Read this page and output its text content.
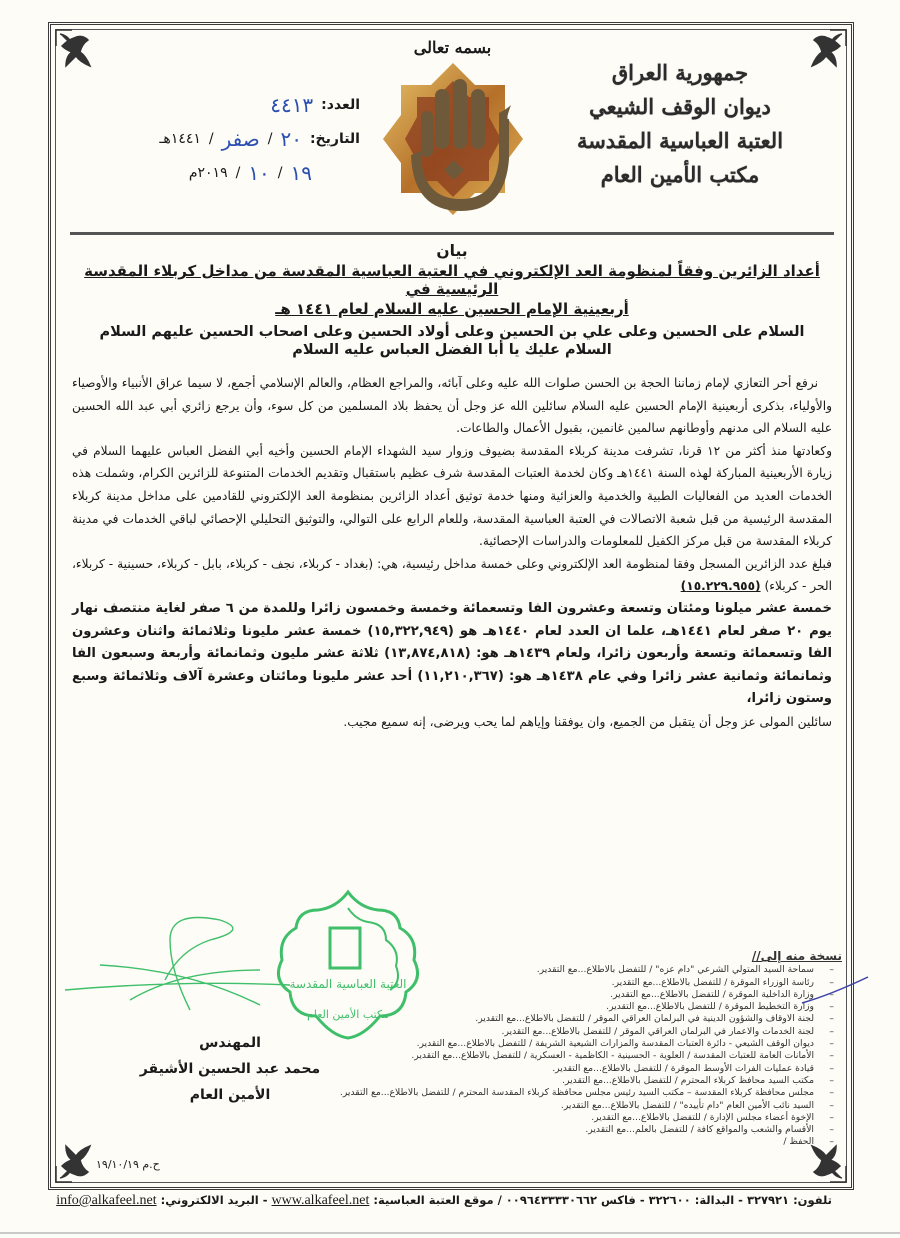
جمهورية العراق
ديوان الوقف الشيعي
العتبة العباسية المقدسة
مكتب الأمين العام
بسمه تعالى
العدد:
٤٤١٣
التاريخ:
٢٠
/
صفر
/
١٤٤١هـ
١٩
/
١٠
/
٢٠١٩م
بيان
أعداد الزائرين وفقاً لمنظومة العد الإلكتروني في العتبة العباسية المقدسة من مداخل كربلاء المقدسة الرئيسية في
أربعينية الإمام الحسين عليه السلام لعام ١٤٤١ هـ
السلام على الحسين وعلى علي بن الحسين وعلى أولاد الحسين وعلى اصحاب الحسين عليهم السلام
السلام عليك يا أبا الفضل العباس عليه السلام

نرفع أحر التعازي لإمام زماننا الحجة بن الحسن صلوات الله عليه وعلى آبائه، والمراجع العظام، والعالم الإسلامي أجمع، لا سيما عراق الأنبياء والأوصياء والأولياء، بذكرى أربعينية الإمام الحسين عليه السلام سائلين الله عز وجل أن يحفظ بلاد المسلمين من كل سوء، وأن يرجع زائري أبي عبد الله الحسين عليه السلام الى مدنهم وأوطانهم سالمين غانمين، بقبول الأعمال والطاعات.

وكعادتها منذ أكثر من ١٢ قرنا، تشرفت مدينة كربلاء المقدسة بضيوف وزوار سيد الشهداء الإمام الحسين وأخيه أبي الفضل العباس عليهما السلام في زيارة الأربعينية المباركة لهذه السنة ١٤٤١هـ وكان لخدمة العتبات المقدسة شرف عظيم باستقبال وتقديم الخدمات المتنوعة للزائرين الكرام، وشملت هذه الخدمات العديد من الفعاليات الطبية والخدمية والعزائية ومنها خدمة توثيق أعداد الزائرين بمنظومة العد الإلكتروني للقادمين على مداخل مدينة كربلاء المقدسة الرئيسية من قبل شعبة الاتصالات في العتبة العباسية المقدسة، وللعام الرابع على التوالي، والتوثيق التحليلي الإحصائي لباقي الخدمات في مدينة كربلاء المقدسة من قبل مركز الكفيل للمعلومات والدراسات الإحصائية.

فبلغ عدد الزائرين المسجل وفقا لمنظومة العد الإلكتروني وعلى خمسة مداخل رئيسية، هي: (بغداد - كربلاء، نجف - كربلاء، بابل - كربلاء، حسينية - كربلاء، الحر - كربلاء) (١٥.٢٢٩.٩٥٥)

خمسة عشر ميلونا ومئتان وتسعة وعشرون الفا وتسعمائة وخمسة وخمسون زائرا وللمدة من ٦ صفر لغاية منتصف نهار يوم ٢٠ صفر لعام ١٤٤١هـ، علما ان العدد لعام ١٤٤٠هـ هو (١٥,٣٢٢,٩٤٩) خمسة عشر مليونا وثلاثمائة واثنان وعشرون الفا وتسعمائة وتسعة وأربعون زائرا، ولعام ١٤٣٩هـ هو: (١٣,٨٧٤,٨١٨) ثلاثة عشر مليون وثمانمائة وأربعة وسبعون الفا وثمانمائة وثمانية عشر زائرا وفي عام ١٤٣٨هـ هو: (١١,٢١٠,٣٦٧) أحد عشر مليونا ومائتان وعشرة آلاف وثلاثمائة وسبع وستون زائرا،

سائلين المولى عز وجل أن يتقبل من الجميع، وان يوفقنا وإياهم لما يحب ويرضى، إنه سميع مجيب.

العتبة العباسية المقدسة
مكتب الأمين العام
المهندس
محمد عبد الحسين الأشيقر
الأمين العام
نسخة منه إلى//
– سماحة السيد المتولي الشرعي "دام عزه" / للتفضل بالاطلاع...مع التقدير.
– رئاسة الوزراء الموقرة / للتفضل بالاطلاع...مع التقدير.
– وزارة الداخلية الموقرة / للتفضل بالاطلاع...مع التقدير.
– وزارة التخطيط الموقرة / للتفضل بالاطلاع...مع التقدير.
– لجنة الاوقاف والشؤون الدينية في البرلمان العراقي الموقر / للتفضل بالاطلاع...مع التقدير.
– لجنة الخدمات والاعمار في البرلمان العراقي الموقر / للتفضل بالاطلاع...مع التقدير.
– ديوان الوقف الشيعي - دائرة العتبات المقدسة والمزارات الشيعية الشريفة / للتفضل بالاطلاع...مع التقدير.
– الأمانات العامة للعتبات المقدسة / العلوية - الحسينية - الكاظمية - العسكرية / للتفضل بالاطلاع...مع التقدير.
– قيادة عمليات الفرات الأوسط الموقرة / للتفضل بالاطلاع...مع التقدير.
– مكتب السيد محافظ كربلاء المحترم / للتفضل بالاطلاع...مع التقدير.
– مجلس محافظة كربلاء المقدسة – مكتب السيد رئيس مجلس محافظة كربلاء المقدسة المحترم / للتفضل بالاطلاع...مع التقدير.
– السيد نائب الأمين العام "دام تأييده" / للتفضل بالاطلاع...مع التقدير.
– الإخوة أعضاء مجلس الإدارة / للتفضل بالاطلاع...مع التقدير.
– الأقسام والشعب والمواقع كافة / للتفضل بالعلم...مع التقدير.
– الحفظ /
ح.م ١٩/١٠/١٩
تلفون: ٣٢٧٩٢١ - البدالة: ٣٢٢٦٠٠ - فاكس ٠٠٩٦٤٣٣٣٣٠٦٦٢ / موقع العتبة العباسية: www.alkafeel.net - البريد الالكتروني: info@alkafeel.net
